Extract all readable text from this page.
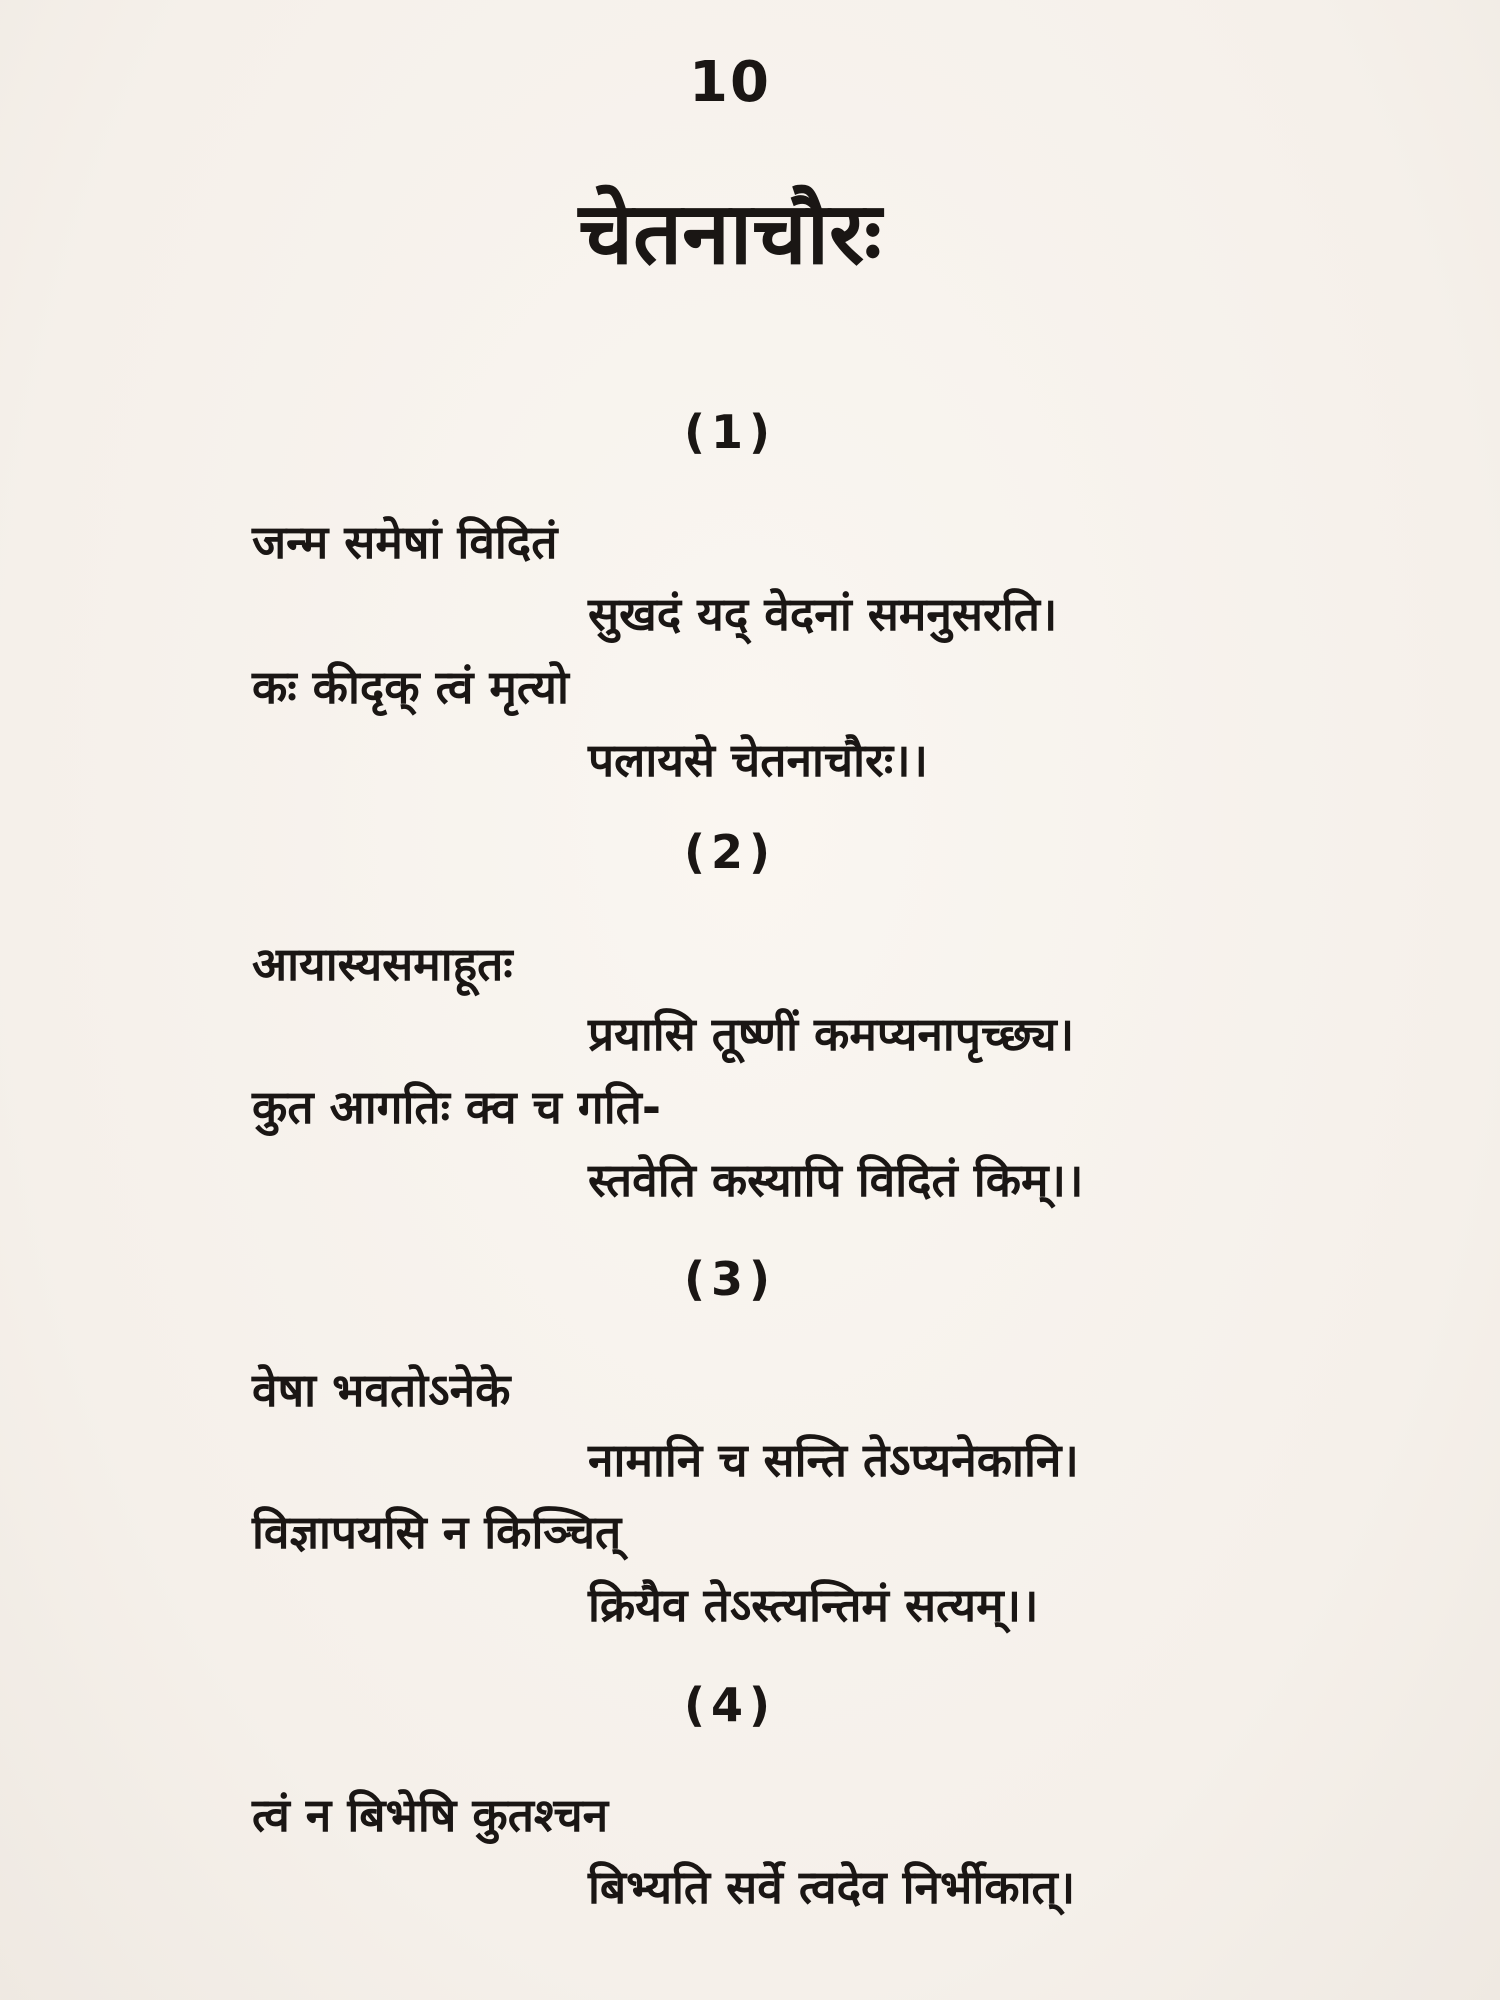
10
चेतनाचौरः
(1)
जन्म समेषां विदितं
सुखदं यद् वेदनां समनुसरति।
कः कीदृक् त्वं मृत्यो
पलायसे चेतनाचौरः।।
(2)
आयास्यसमाहूतः
प्रयासि तूष्णीं कमप्यनापृच्छ्य।
कुत आगतिः क्व च गति-
स्तवेति कस्यापि विदितं किम्।।
(3)
वेषा भवतोऽनेके
नामानि च सन्ति तेऽप्यनेकानि।
विज्ञापयसि न किञ्चित्
क्रियैव तेऽस्त्यन्तिमं सत्यम्।।
(4)
त्वं न बिभेषि कुतश्चन
बिभ्यति सर्वे त्वदेव निर्भीकात्।
